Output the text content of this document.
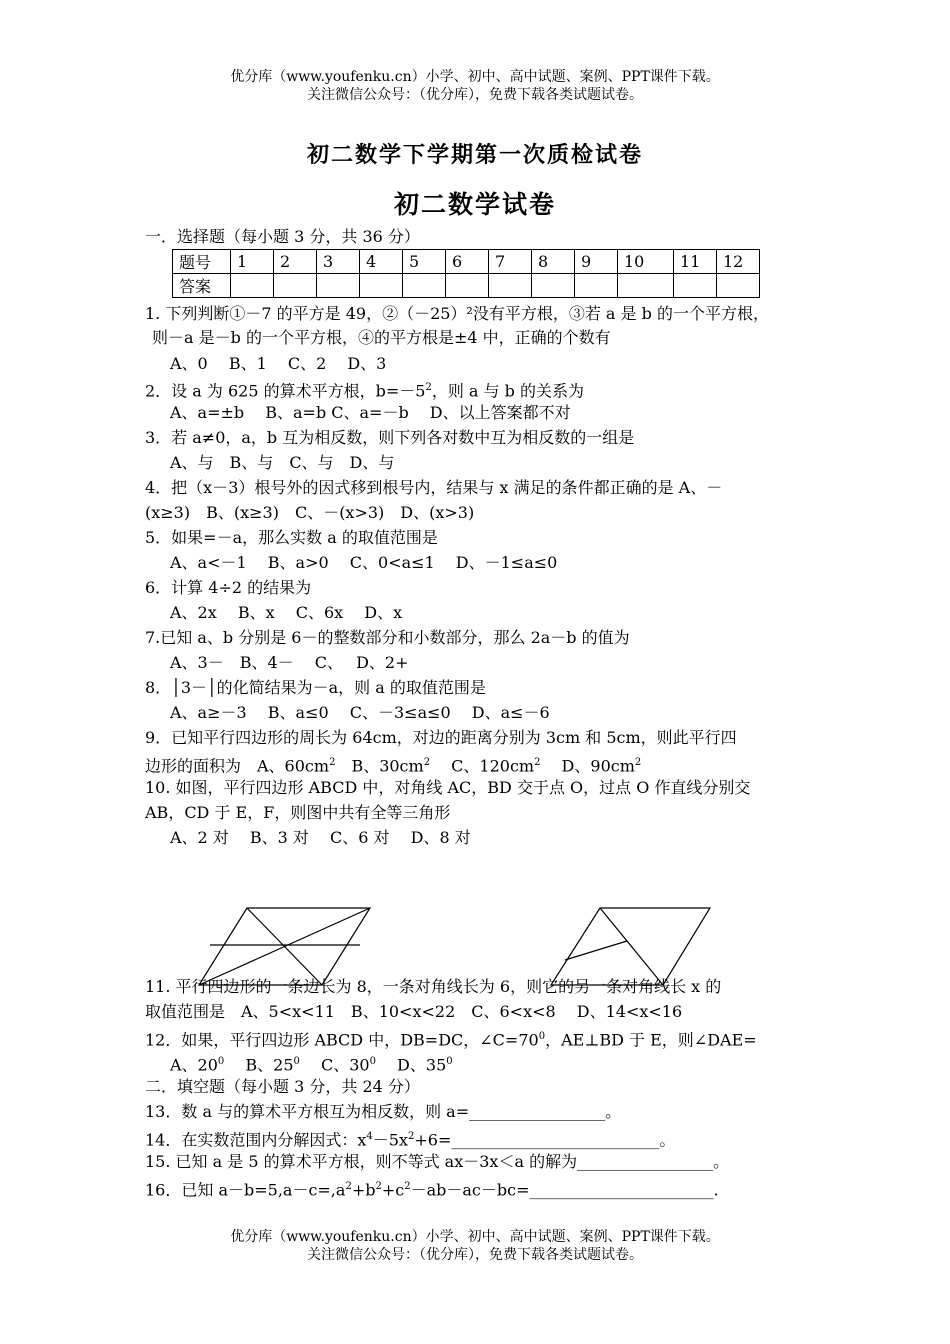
优分库（www.youfenku.cn）小学、初中、高中试题、案例、PPT课件下载。
关注微信公众号：（优分库），免费下载各类试题试卷。
初二数学下学期第一次质检试卷
初二数学试卷
一．选择题（每小题 3 分，共 36 分）
题号	1	2	3	4	5	6	7	8	9	10	11	12
答案												
1. 下列判断①－7 的平方是 49，②（－25）²没有平方根，③若 a 是 b 的一个平方根，
则－a 是－b 的一个平方根，④的平方根是±4 中，正确的个数有
A、0　 B、1　 C、2　 D、3
2．设 a 为 625 的算术平方根，$b=-5^2$，则 a 与 b 的关系为
A、a=±b　 B、a=b C、a=－b　 D、以上答案都不对
3．若 a≠0，a，b 互为相反数，则下列各对数中互为相反数的一组是
A、与　B、与　C、与　D、与
4．把（x－3）根号外的因式移到根号内，结果与 x 满足的条件都正确的是 A、－
(x≥3)　B、(x≥3)　C、－(x>3)　D、(x>3)
5．如果=－a，那么实数 a 的取值范围是
A、a<－1　 B、a>0　 C、0<a≤1　 D、－1≤a≤0
6．计算 4÷2 的结果为
A、2x　 B、x　 C、6x　 D、x
7.已知 a、b 分别是 6－的整数部分和小数部分，那么 2a－b 的值为
A、3－　B、4－　 C、　 D、2+
8．│3－│的化简结果为－a，则 a 的取值范围是
A、a≥－3　 B、a≤0　 C、－3≤a≤0　 D、a≤－6
9．已知平行四边形的周长为 64cm，对边的距离分别为 3cm 和 5cm，则此平行四
边形的面积为　A、$60cm^2$　B、$30cm^2$　 C、$120cm^2$　 D、$90cm^2$
10. 如图，平行四边形 ABCD 中，对角线 AC，BD 交于点 O，过点 O 作直线分别交
AB，CD 于 E，F，则图中共有全等三角形
A、2 对　 B、3 对　 C、6 对　 D、8 对
11. 平行四边形的一条边长为 8，一条对角线长为 6，则它的另一条对角线长 x 的
取值范围是　A、5<x<11　B、10<x<22　C、6<x<8　 D、14<x<16
12．如果，平行四边形 ABCD 中，DB=DC，$\angle C=70^0$，AE⊥BD 于 E，则∠DAE=
A、$20^0$　 B、$25^0$　 C、$30^0$　 D、$35^0$
二．填空题（每小题 3 分，共 24 分）
13．数 a 与的算术平方根互为相反数，则 a=_________________。
14．在实数范围内分解因式：$x^4-5x^2+6=\_\_\_\_\_\_\_\_\_\_\_\_\_\_\_\_\_\_\_\_\_\_\_\_\_\_$。
15. 已知 a 是 5 的算术平方根，则不等式 ax－3x＜a 的解为_________________。
16．已知 $a-b=5,a-c=,a^2+b^2+c^2-ab-ac-bc=\_\_\_\_\_\_\_\_\_\_\_\_\_\_\_\_\_\_\_\_\_\_\_$.
优分库（www.youfenku.cn）小学、初中、高中试题、案例、PPT课件下载。
关注微信公众号：（优分库），免费下载各类试题试卷。
